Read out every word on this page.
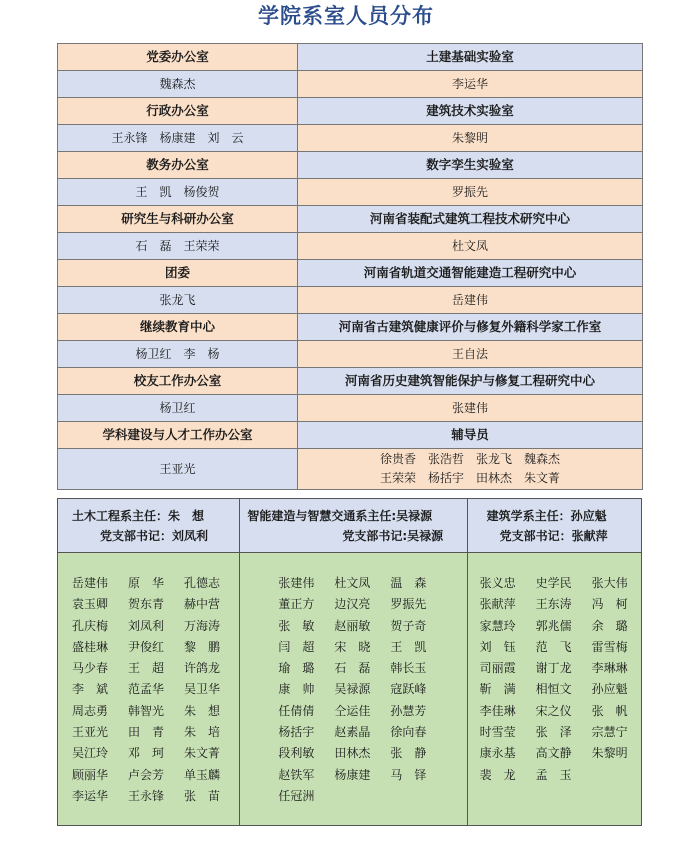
学院系室人员分布
党委办公室	土建基础实验室
魏森杰	李运华
行政办公室	建筑技术实验室
王永锋　杨康建　刘　云	朱黎明
教务办公室	数字孪生实验室
王　凯　杨俊贺	罗振先
研究生与科研办公室	河南省装配式建筑工程技术研究中心
石　磊　王荣荣	杜文凤
团委	河南省轨道交通智能建造工程研究中心
张龙飞	岳建伟
继续教育中心	河南省古建筑健康评价与修复外籍科学家工作室
杨卫红　李　杨	王自法
校友工作办公室	河南省历史建筑智能保护与修复工程研究中心
杨卫红	张建伟
学科建设与人才工作办公室	辅导员
王亚光	徐贵香　张浩哲　张龙飞　魏森杰
王荣荣　杨括宇　田林杰　朱文菁
土木工程系主任：朱　想
党支部书记：刘凤利
岳建伟	原　华	孔德志
袁玉卿	贺东青	赫中营
孔庆梅	刘凤利	万海涛
盛桂琳	尹俊红	黎　鹏
马少春	王　超	许鸽龙
李　斌	范孟华	吴卫华
周志勇	韩智光	朱　想
王亚光	田　青	朱　培
吴江玲	邓　珂	朱文菁
顾丽华	卢会芳	单玉麟
李运华	王永锋	张　苗
智能建造与智慧交通系主任:吴禄源
党支部书记:吴禄源
张建伟	杜文凤	温　森
董正方	边汉亮	罗振先
张　敏	赵丽敏	贺子奇
闫　超	宋　晓	王　凯
瑜　璐	石　磊	韩长玉
康　帅	吴禄源	寇跃峰
任倩倩	仝运佳	孙慧芳
杨括宇	赵素晶	徐向春
段利敏	田林杰	张　静
赵铁军	杨康建	马　铎
任冠洲
建筑学系主任：孙应魁
党支部书记：张献萍
张义忠	史学民	张大伟
张献萍	王东涛	冯　柯
家慧玲	郭兆儒	余　璐
刘　钰	范　飞	雷雪梅
司丽霞	谢丁龙	李琳琳
靳　满	相恒文	孙应魁
李佳琳	宋之仪	张　帆
时雪莹	张　泽	宗慧宁
康永基	高文静	朱黎明
裴　龙	孟　玉
